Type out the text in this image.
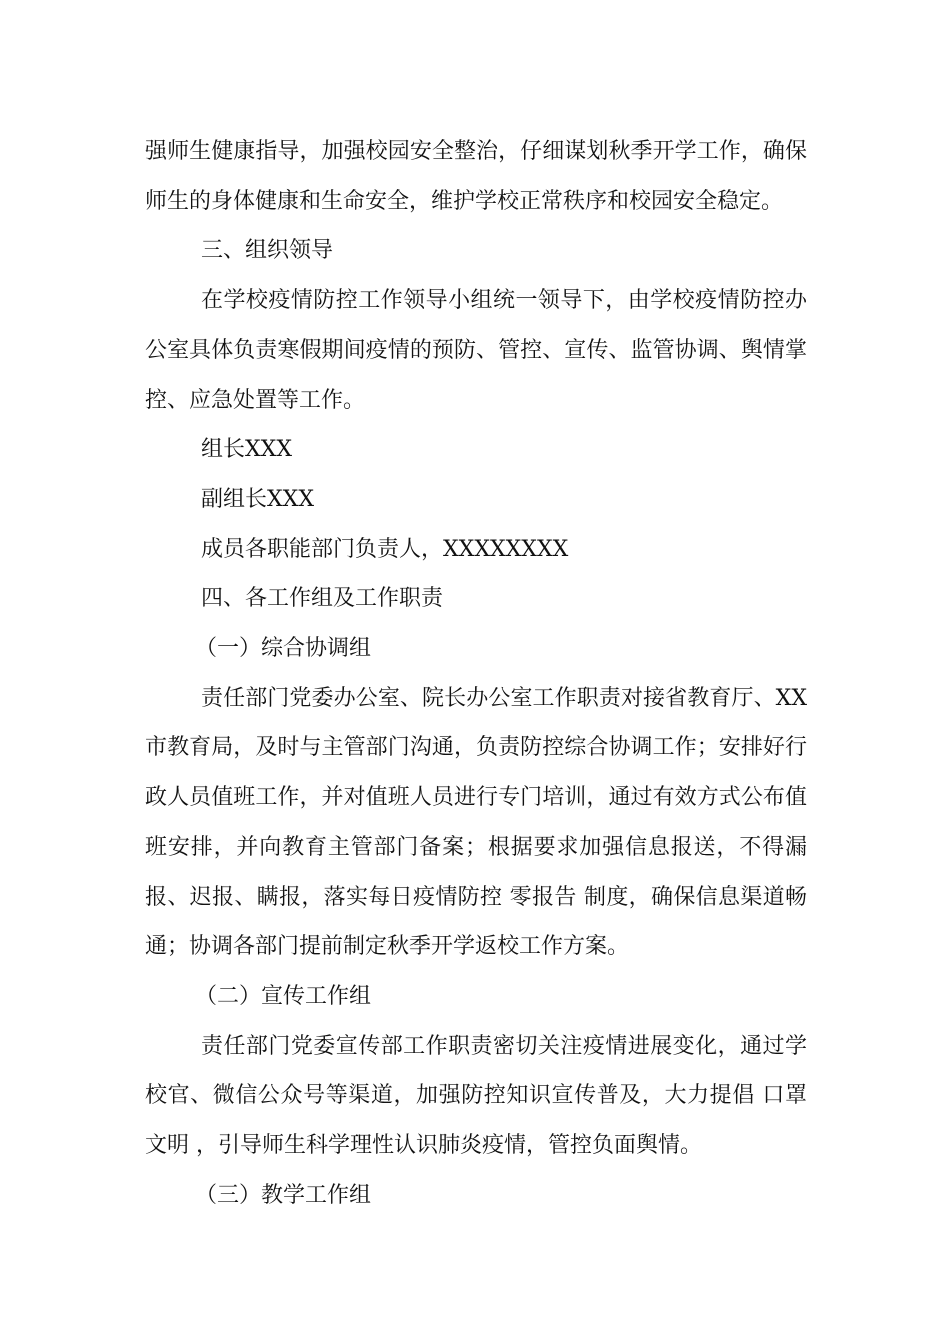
强师生健康指导，加强校园安全整治，仔细谋划秋季开学工作，确保师生的身体健康和生命安全，维护学校正常秩序和校园安全稳定。

三、组织领导

在学校疫情防控工作领导小组统一领导下，由学校疫情防控办公室具体负责寒假期间疫情的预防、管控、宣传、监管协调、舆情掌控、应急处置等工作。

组长XXX

副组长XXX

成员各职能部门负责人，XXXXXXXX

四、各工作组及工作职责

（一）综合协调组

责任部门党委办公室、院长办公室工作职责对接省教育厅、XX市教育局，及时与主管部门沟通，负责防控综合协调工作；安排好行政人员值班工作，并对值班人员进行专门培训，通过有效方式公布值班安排，并向教育主管部门备案；根据要求加强信息报送，不得漏报、迟报、瞒报，落实每日疫情防控 零报告 制度，确保信息渠道畅通；协调各部门提前制定秋季开学返校工作方案。

（二）宣传工作组

责任部门党委宣传部工作职责密切关注疫情进展变化，通过学校官、微信公众号等渠道，加强防控知识宣传普及，大力提倡 口罩文明 ，引导师生科学理性认识肺炎疫情，管控负面舆情。

（三）教学工作组
